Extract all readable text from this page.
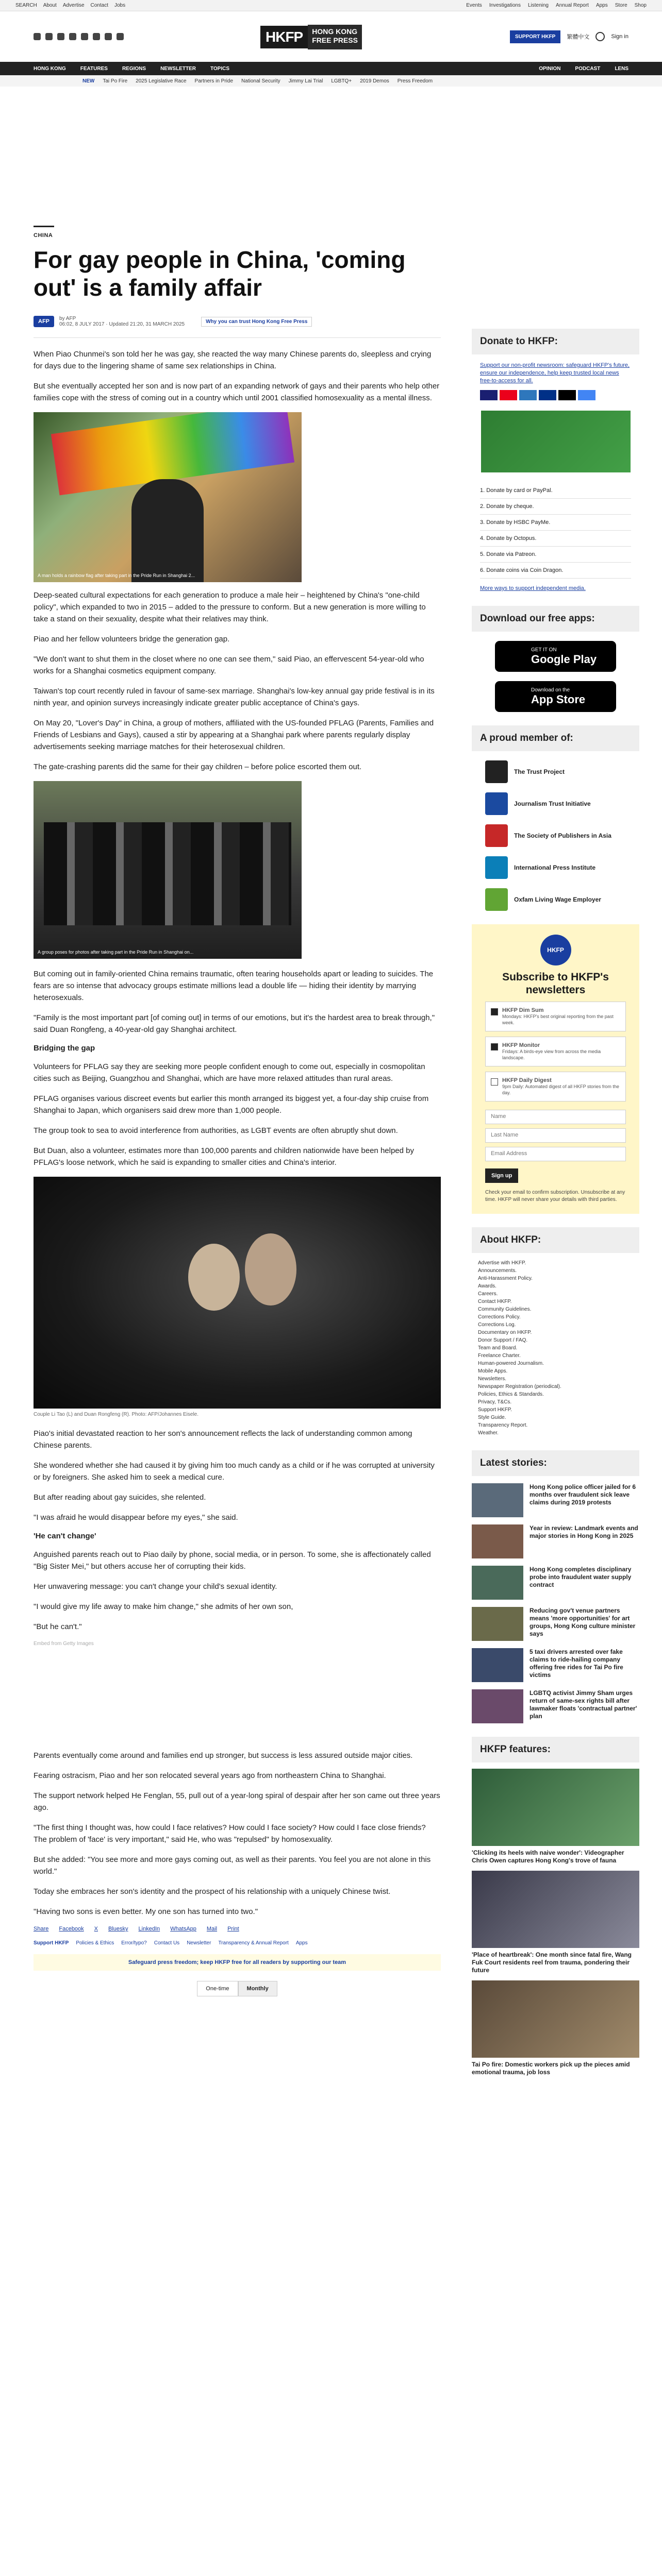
SEARCH About Advertise Contact Jobs	Events Investigations Listening Annual Report Apps Store Shop
HKFP	HONG KONG
FREE PRESS	SUPPORT HKFP	繁體中文	Sign in
HONG KONG	FEATURES	REGIONS	NEWSLETTER	TOPICS	OPINION	PODCAST	LENS
NEW Tai Po Fire 2025 Legislative Race Partners in Pride National Security Jimmy Lai Trial LGBTQ+ 2019 Demos Press Freedom
CHINA
For gay people in China, 'coming out' is a family affair
AFP	by AFP
06:02, 8 JULY 2017 · Updated 21:20, 31 MARCH 2025	Why you can trust Hong Kong Free Press

When Piao Chunmei's son told her he was gay, she reacted the way many Chinese parents do, sleepless and crying for days due to the lingering shame of same sex relationships in China.

But she eventually accepted her son and is now part of an expanding network of gays and their parents who help other families cope with the stress of coming out in a country which until 2001 classified homosexuality as a mental illness.

A man holds a rainbow flag after taking part in the Pride Run in Shanghai 2...

Deep-seated cultural expectations for each generation to produce a male heir – heightened by China's "one-child policy", which expanded to two in 2015 – added to the pressure to conform. But a new generation is more willing to take a stand on their sexuality, despite what their relatives may think.

Piao and her fellow volunteers bridge the generation gap.

"We don't want to shut them in the closet where no one can see them," said Piao, an effervescent 54-year-old who works for a Shanghai cosmetics equipment company.

Taiwan's top court recently ruled in favour of same-sex marriage. Shanghai's low-key annual gay pride festival is in its ninth year, and opinion surveys increasingly indicate greater public acceptance of China's gays.

On May 20, "Lover's Day" in China, a group of mothers, affiliated with the US-founded PFLAG (Parents, Families and Friends of Lesbians and Gays), caused a stir by appearing at a Shanghai park where parents regularly display advertisements seeking marriage matches for their heterosexual children.

The gate-crashing parents did the same for their gay children – before police escorted them out.

A group poses for photos after taking part in the Pride Run in Shanghai on...

But coming out in family-oriented China remains traumatic, often tearing households apart or leading to suicides. The fears are so intense that advocacy groups estimate millions lead a double life — hiding their identity by marrying heterosexuals.

"Family is the most important part [of coming out] in terms of our emotions, but it's the hardest area to break through," said Duan Rongfeng, a 40-year-old gay Shanghai architect.

Bridging the gap

Volunteers for PFLAG say they are seeking more people confident enough to come out, especially in cosmopolitan cities such as Beijing, Guangzhou and Shanghai, which are have more relaxed attitudes than rural areas.

PFLAG organises various discreet events but earlier this month arranged its biggest yet, a four-day ship cruise from Shanghai to Japan, which organisers said drew more than 1,000 people.

The group took to sea to avoid interference from authorities, as LGBT events are often abruptly shut down.

But Duan, also a volunteer, estimates more than 100,000 parents and children nationwide have been helped by PFLAG's loose network, which he said is expanding to smaller cities and China's interior.

Couple Li Tao (L) and Duan Rongfeng (R). Photo: AFP/Johannes Eisele.

Piao's initial devastated reaction to her son's announcement reflects the lack of understanding common among Chinese parents.

She wondered whether she had caused it by giving him too much candy as a child or if he was corrupted at university or by foreigners. She asked him to seek a medical cure.

But after reading about gay suicides, she relented.

"I was afraid he would disappear before my eyes," she said.

'He can't change'

Anguished parents reach out to Piao daily by phone, social media, or in person. To some, she is affectionately called "Big Sister Mei," but others accuse her of corrupting their kids.

Her unwavering message: you can't change your child's sexual identity.

"I would give my life away to make him change," she admits of her own son,

"But he can't."

Embed from Getty Images

Parents eventually come around and families end up stronger, but success is less assured outside major cities.

Fearing ostracism, Piao and her son relocated several years ago from northeastern China to Shanghai.

The support network helped He Fenglan, 55, pull out of a year-long spiral of despair after her son came out three years ago.

"The first thing I thought was, how could I face relatives? How could I face society? How could I face close friends? The problem of 'face' is very important," said He, who was "repulsed" by homosexuality.

But she added: "You see more and more gays coming out, as well as their parents. You feel you are not alone in this world."

Today she embraces her son's identity and the prospect of his relationship with a uniquely Chinese twist.

"Having two sons is even better. My one son has turned into two."

Share Facebook X Bluesky LinkedIn WhatsApp Mail Print
Support HKFP Policies & Ethics Error/typo? Contact Us Newsletter Transparency & Annual Report Apps
Safeguard press freedom; keep HKFP free for all readers by supporting our team
One-time	Monthly
Donate to HKFP:
Support our non-profit newsroom: safeguard HKFP's future, ensure our independence, help keep trusted local news free-to-access for all.
1. Donate by card or PayPal.
2. Donate by cheque.
3. Donate by HSBC PayMe.
4. Donate by Octopus.
5. Donate via Patreon.
6. Donate coins via Coin Dragon.
More ways to support independent media.
Download our free apps:
GET IT ON
Google Play
Download on the
App Store
A proud member of:
The Trust Project
Journalism Trust Initiative
The Society of Publishers in Asia
International Press Institute
Oxfam Living Wage Employer
HKFP
Subscribe to HKFP's newsletters
HKFP Dim Sum
Mondays: HKFP's best original reporting from the past week.
HKFP Monitor
Fridays: A birds-eye view from across the media landscape.
HKFP Daily Digest
9pm Daily: Automated digest of all HKFP stories from the day.
Name
Last Name
Email Address
Sign up
Check your email to confirm subscription. Unsubscribe at any time. HKFP will never share your details with third parties.
About HKFP:
Advertise with HKFP.
Announcements.
Anti-Harassment Policy.
Awards.
Careers.
Contact HKFP.
Community Guidelines.
Corrections Policy.
Corrections Log.
Documentary on HKFP.
Donor Support / FAQ.
Team and Board.
Freelance Charter.
Human-powered Journalism.
Mobile Apps.
Newsletters.
Newspaper Registration (periodical).
Policies, Ethics & Standards.
Privacy, T&Cs.
Support HKFP.
Style Guide.
Transparency Report.
Weather.
Latest stories:
Hong Kong police officer jailed for 6 months over fraudulent sick leave claims during 2019 protests
Year in review: Landmark events and major stories in Hong Kong in 2025
Hong Kong completes disciplinary probe into fraudulent water supply contract
Reducing gov't venue partners means 'more opportunities' for art groups, Hong Kong culture minister says
5 taxi drivers arrested over fake claims to ride-hailing company offering free rides for Tai Po fire victims
LGBTQ activist Jimmy Sham urges return of same-sex rights bill after lawmaker floats 'contractual partner' plan
HKFP features:
'Clicking its heels with naive wonder': Videographer Chris Owen captures Hong Kong's trove of fauna
'Place of heartbreak': One month since fatal fire, Wang Fuk Court residents reel from trauma, pondering their future
Tai Po fire: Domestic workers pick up the pieces amid emotional trauma, job loss
